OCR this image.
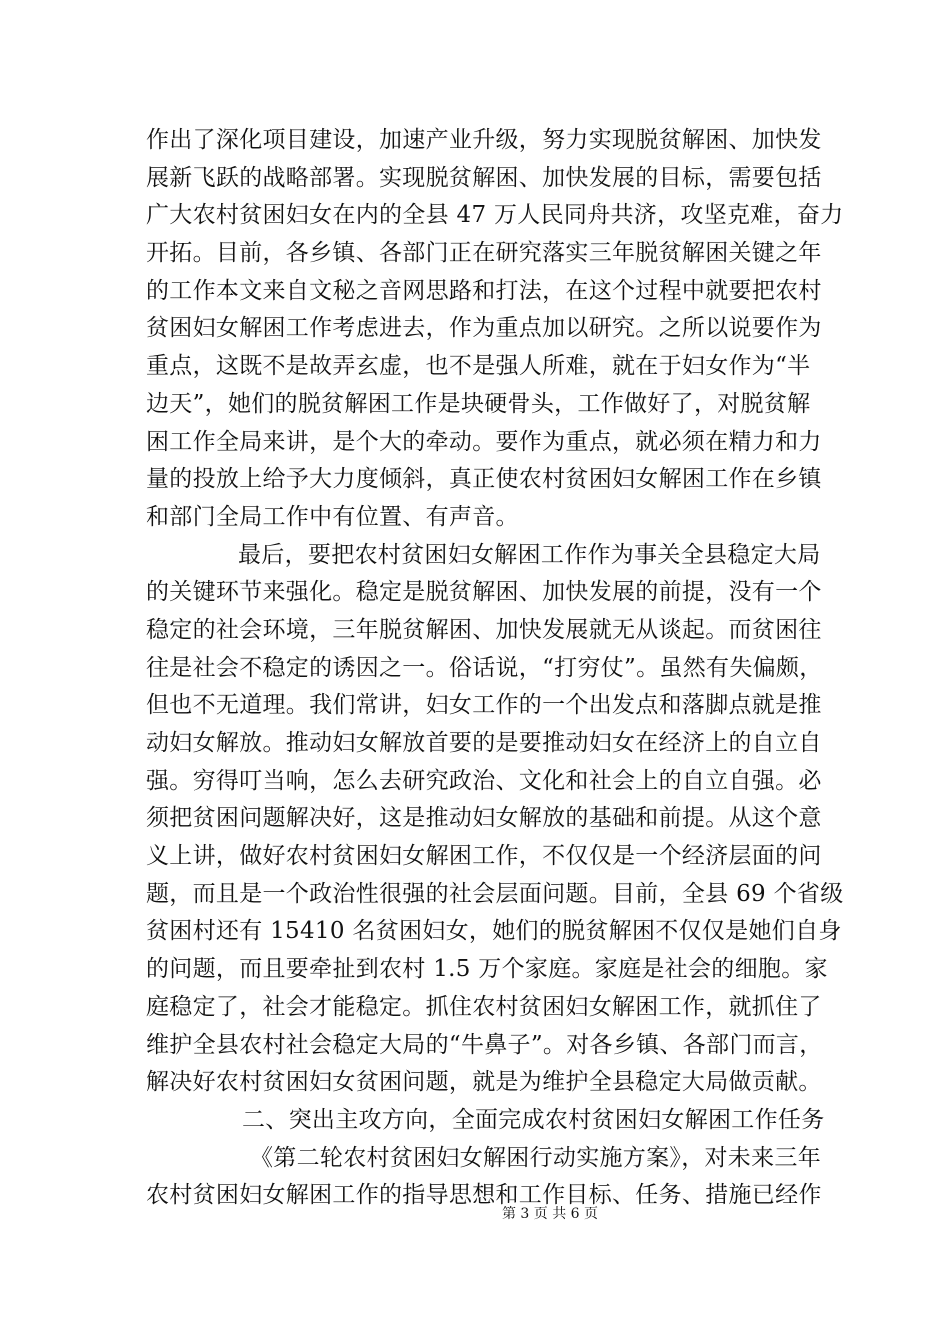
作出了深化项目建设，加速产业升级，努力实现脱贫解困、加快发
展新飞跃的战略部署。实现脱贫解困、加快发展的目标，需要包括
广大农村贫困妇女在内的全县 47 万人民同舟共济，攻坚克难，奋力
开拓。目前，各乡镇、各部门正在研究落实三年脱贫解困关键之年
的工作本文来自文秘之音网思路和打法，在这个过程中就要把农村
贫困妇女解困工作考虑进去，作为重点加以研究。之所以说要作为
重点，这既不是故弄玄虚，也不是强人所难，就在于妇女作为“半
边天”，她们的脱贫解困工作是块硬骨头，工作做好了，对脱贫解
困工作全局来讲，是个大的牵动。要作为重点，就必须在精力和力
量的投放上给予大力度倾斜，真正使农村贫困妇女解困工作在乡镇
和部门全局工作中有位置、有声音。
最后，要把农村贫困妇女解困工作作为事关全县稳定大局
的关键环节来强化。稳定是脱贫解困、加快发展的前提，没有一个
稳定的社会环境，三年脱贫解困、加快发展就无从谈起。而贫困往
往是社会不稳定的诱因之一。俗话说，“打穷仗”。虽然有失偏颇，
但也不无道理。我们常讲，妇女工作的一个出发点和落脚点就是推
动妇女解放。推动妇女解放首要的是要推动妇女在经济上的自立自
强。穷得叮当响，怎么去研究政治、文化和社会上的自立自强。必
须把贫困问题解决好，这是推动妇女解放的基础和前提。从这个意
义上讲，做好农村贫困妇女解困工作，不仅仅是一个经济层面的问
题，而且是一个政治性很强的社会层面问题。目前，全县 69 个省级
贫困村还有 15410 名贫困妇女，她们的脱贫解困不仅仅是她们自身
的问题，而且要牵扯到农村 1.5 万个家庭。家庭是社会的细胞。家
庭稳定了，社会才能稳定。抓住农村贫困妇女解困工作，就抓住了
维护全县农村社会稳定大局的“牛鼻子”。对各乡镇、各部门而言，
解决好农村贫困妇女贫困问题，就是为维护全县稳定大局做贡献。
二、突出主攻方向，全面完成农村贫困妇女解困工作任务
《第二轮农村贫困妇女解困行动实施方案》，对未来三年
农村贫困妇女解困工作的指导思想和工作目标、任务、措施已经作
第 3 页 共 6 页
